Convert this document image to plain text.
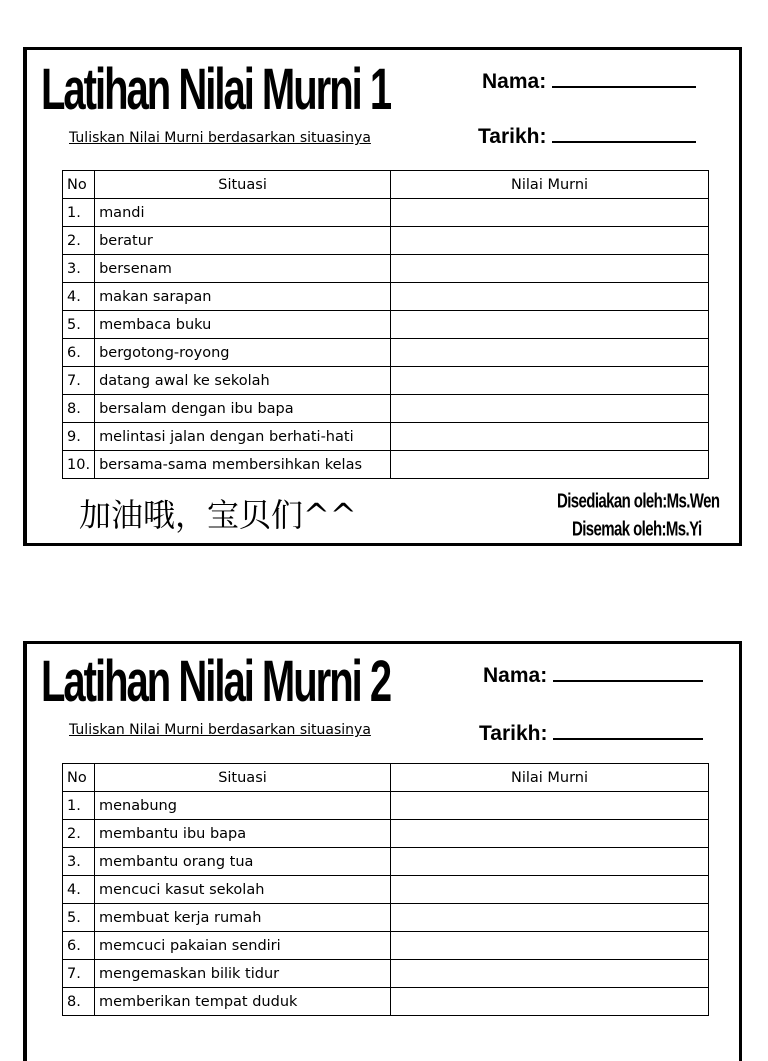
Latihan Nilai Murni 1	Nama:
Tarikh:
Tuliskan Nilai Murni berdasarkan situasinya
No	Situasi	Nilai Murni
1.	mandi	
2.	beratur	
3.	bersenam	
4.	makan sarapan	
5.	membaca buku	
6.	bergotong-royong	
7.	datang awal ke sekolah	
8.	bersalam dengan ibu bapa	
9.	melintasi jalan dengan berhati-hati	
10.	bersama-sama membersihkan kelas	
加油哦，宝贝们^^	Disediakan oleh:Ms.Wen
Disemak oleh:Ms.Yi
Latihan Nilai Murni 2	Nama:
Tarikh:
Tuliskan Nilai Murni berdasarkan situasinya
No	Situasi	Nilai Murni
1.	menabung	
2.	membantu ibu bapa	
3.	membantu orang tua	
4.	mencuci kasut sekolah	
5.	membuat kerja rumah	
6.	memcuci pakaian sendiri	
7.	mengemaskan bilik tidur	
8.	memberikan tempat duduk	
